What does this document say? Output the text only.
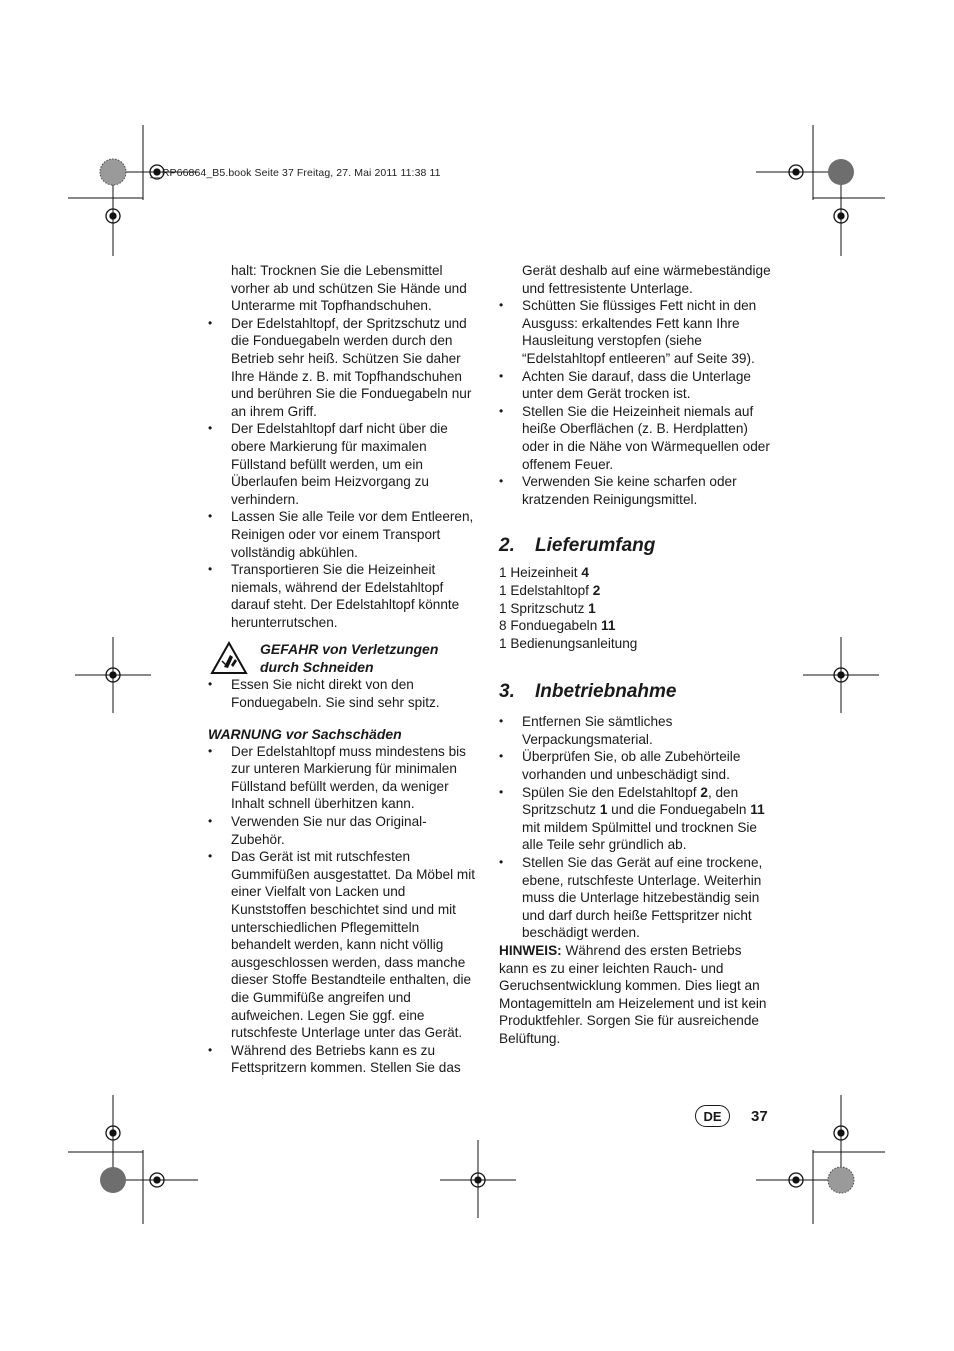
__RP66864_B5.book Seite 37 Freitag, 27. Mai 2011 11:38 11

halt: Trocknen Sie die Lebensmittel vorher ab und schützen Sie Hände und Unterarme mit Topfhandschuhen.

• Der Edelstahltopf, der Spritzschutz und die Fonduegabeln werden durch den Betrieb sehr heiß. Schützen Sie daher Ihre Hände z. B. mit Topfhandschuhen und berühren Sie die Fonduegabeln nur an ihrem Griff.
• Der Edelstahltopf darf nicht über die obere Markierung für maximalen Füllstand befüllt werden, um ein Überlaufen beim Heizvorgang zu verhindern.
• Lassen Sie alle Teile vor dem Entleeren, Reinigen oder vor einem Transport vollständig abkühlen.
• Transportieren Sie die Heizeinheit niemals, während der Edelstahltopf darauf steht. Der Edelstahltopf könnte herunterrutschen.

GEFAHR von Verletzungen

durch Schneiden

• Essen Sie nicht direkt von den Fonduegabeln. Sie sind sehr spitz.

WARNUNG vor Sachschäden

• Der Edelstahltopf muss mindestens bis zur unteren Markierung für minimalen Füllstand befüllt werden, da weniger Inhalt schnell überhitzen kann.
• Verwenden Sie nur das Original-Zubehör.
• Das Gerät ist mit rutschfesten Gummifüßen ausgestattet. Da Möbel mit einer Vielfalt von Lacken und Kunststoffen beschichtet sind und mit unterschiedlichen Pflegemitteln behandelt werden, kann nicht völlig ausgeschlossen werden, dass manche dieser Stoffe Bestandteile enthalten, die die Gummifüße angreifen und aufweichen. Legen Sie ggf. eine rutschfeste Unterlage unter das Gerät.
• Während des Betriebs kann es zu Fettspritzern kommen. Stellen Sie das

Gerät deshalb auf eine wärmebeständige und fettresistente Unterlage.

• Schütten Sie flüssiges Fett nicht in den Ausguss: erkaltendes Fett kann Ihre Hausleitung verstopfen (siehe “Edelstahltopf entleeren” auf Seite 39).
• Achten Sie darauf, dass die Unterlage unter dem Gerät trocken ist.
• Stellen Sie die Heizeinheit niemals auf heiße Oberflächen (z. B. Herdplatten) oder in die Nähe von Wärmequellen oder offenem Feuer.
• Verwenden Sie keine scharfen oder kratzenden Reinigungsmittel.
2.	Lieferumfang

1 Heizeinheit 4

1 Edelstahltopf 2

1 Spritzschutz 1

8 Fonduegabeln 11

1 Bedienungsanleitung

3.	Inbetriebnahme
• Entfernen Sie sämtliches Verpackungsmaterial.
• Überprüfen Sie, ob alle Zubehörteile vorhanden und unbeschädigt sind.
• Spülen Sie den Edelstahltopf 2, den Spritzschutz 1 und die Fonduegabeln 11 mit mildem Spülmittel und trocknen Sie alle Teile sehr gründlich ab.
• Stellen Sie das Gerät auf eine trockene, ebene, rutschfeste Unterlage. Weiterhin muss die Unterlage hitzebeständig sein und darf durch heiße Fettspritzer nicht beschädigt werden.

HINWEIS: Während des ersten Betriebs kann es zu einer leichten Rauch- und Geruchsentwicklung kommen. Dies liegt an Montagemitteln am Heizelement und ist kein Produktfehler. Sorgen Sie für ausreichende Belüftung.

DE	37
